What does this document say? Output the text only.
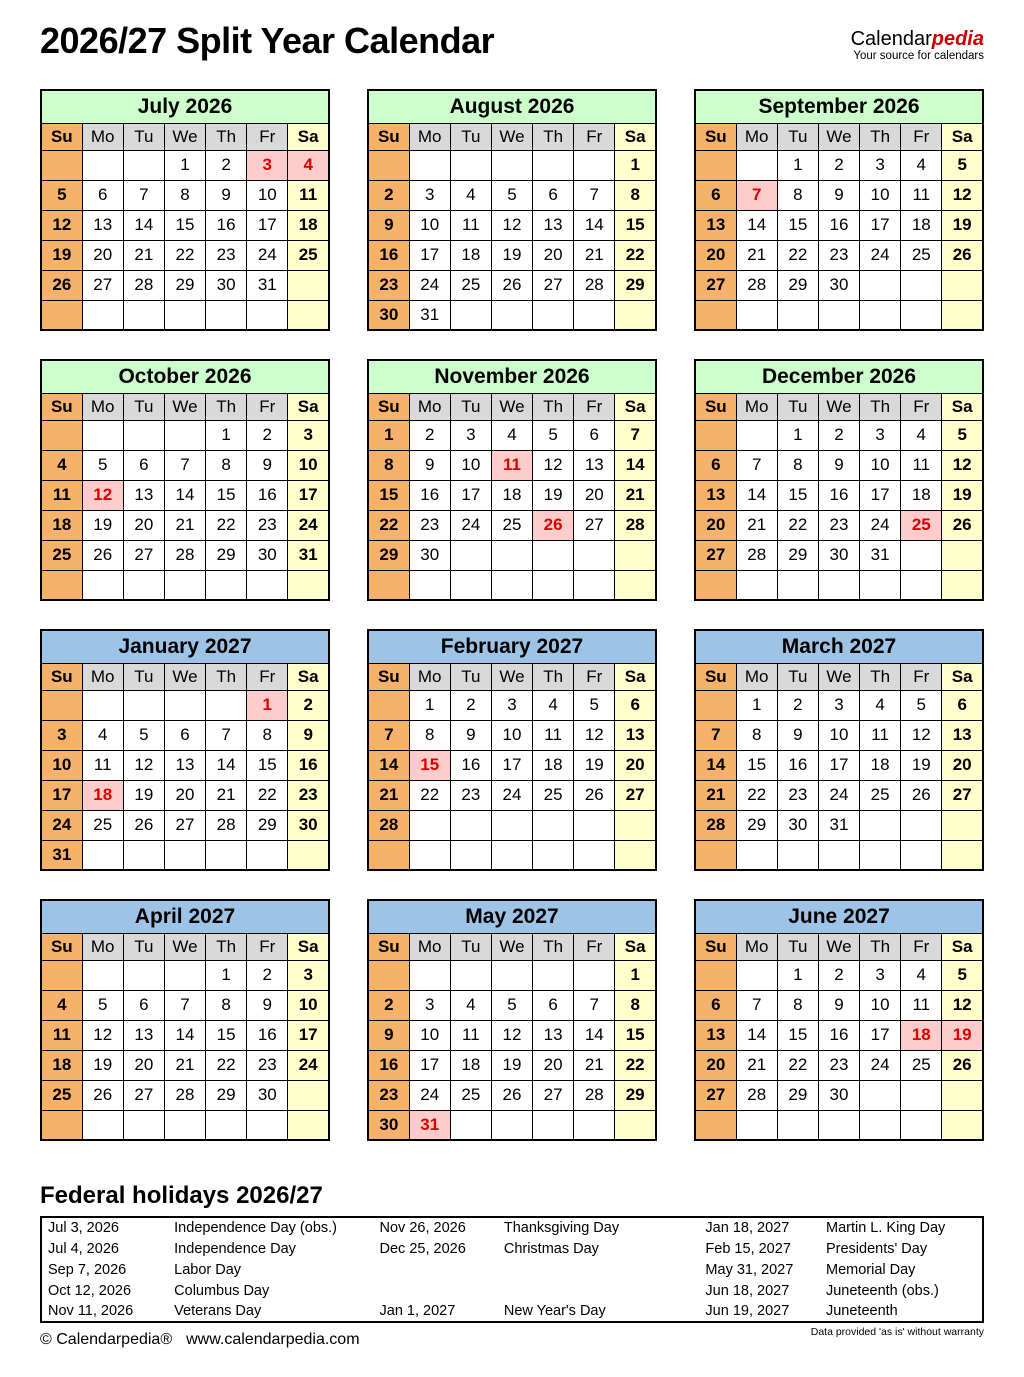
2026/27 Split Year Calendar	Calendarpedia
Your source for calendars
July 2026						
Su	Mo	Tu	We	Th	Fr	Sa
			1	2	3	4
5	6	7	8	9	10	11
12	13	14	15	16	17	18
19	20	21	22	23	24	25
26	27	28	29	30	31	

August 2026						
Su	Mo	Tu	We	Th	Fr	Sa
						1
2	3	4	5	6	7	8
9	10	11	12	13	14	15
16	17	18	19	20	21	22
23	24	25	26	27	28	29
30	31					
September 2026						
Su	Mo	Tu	We	Th	Fr	Sa
		1	2	3	4	5
6	7	8	9	10	11	12
13	14	15	16	17	18	19
20	21	22	23	24	25	26
27	28	29	30			

October 2026						
Su	Mo	Tu	We	Th	Fr	Sa
				1	2	3
4	5	6	7	8	9	10
11	12	13	14	15	16	17
18	19	20	21	22	23	24
25	26	27	28	29	30	31

November 2026						
Su	Mo	Tu	We	Th	Fr	Sa
1	2	3	4	5	6	7
8	9	10	11	12	13	14
15	16	17	18	19	20	21
22	23	24	25	26	27	28
29	30					

December 2026						
Su	Mo	Tu	We	Th	Fr	Sa
		1	2	3	4	5
6	7	8	9	10	11	12
13	14	15	16	17	18	19
20	21	22	23	24	25	26
27	28	29	30	31		

January 2027						
Su	Mo	Tu	We	Th	Fr	Sa
					1	2
3	4	5	6	7	8	9
10	11	12	13	14	15	16
17	18	19	20	21	22	23
24	25	26	27	28	29	30
31						
February 2027						
Su	Mo	Tu	We	Th	Fr	Sa
	1	2	3	4	5	6
7	8	9	10	11	12	13
14	15	16	17	18	19	20
21	22	23	24	25	26	27
28						

March 2027						
Su	Mo	Tu	We	Th	Fr	Sa
	1	2	3	4	5	6
7	8	9	10	11	12	13
14	15	16	17	18	19	20
21	22	23	24	25	26	27
28	29	30	31			

April 2027						
Su	Mo	Tu	We	Th	Fr	Sa
				1	2	3
4	5	6	7	8	9	10
11	12	13	14	15	16	17
18	19	20	21	22	23	24
25	26	27	28	29	30	

May 2027						
Su	Mo	Tu	We	Th	Fr	Sa
						1
2	3	4	5	6	7	8
9	10	11	12	13	14	15
16	17	18	19	20	21	22
23	24	25	26	27	28	29
30	31					
June 2027						
Su	Mo	Tu	We	Th	Fr	Sa
		1	2	3	4	5
6	7	8	9	10	11	12
13	14	15	16	17	18	19
20	21	22	23	24	25	26
27	28	29	30			

Federal holidays 2026/27
Jul 3, 2026	Independence Day (obs.)	Nov 26, 2026	Thanksgiving Day	Jan 18, 2027	Martin L. King Day
Jul 4, 2026	Independence Day	Dec 25, 2026	Christmas Day	Feb 15, 2027	Presidents' Day
Sep 7, 2026	Labor Day			May 31, 2027	Memorial Day
Oct 12, 2026	Columbus Day			Jun 18, 2027	Juneteenth (obs.)
Nov 11, 2026	Veterans Day	Jan 1, 2027	New Year's Day	Jun 19, 2027	Juneteenth
© Calendarpedia® www.calendarpedia.com	Data provided 'as is' without warranty
